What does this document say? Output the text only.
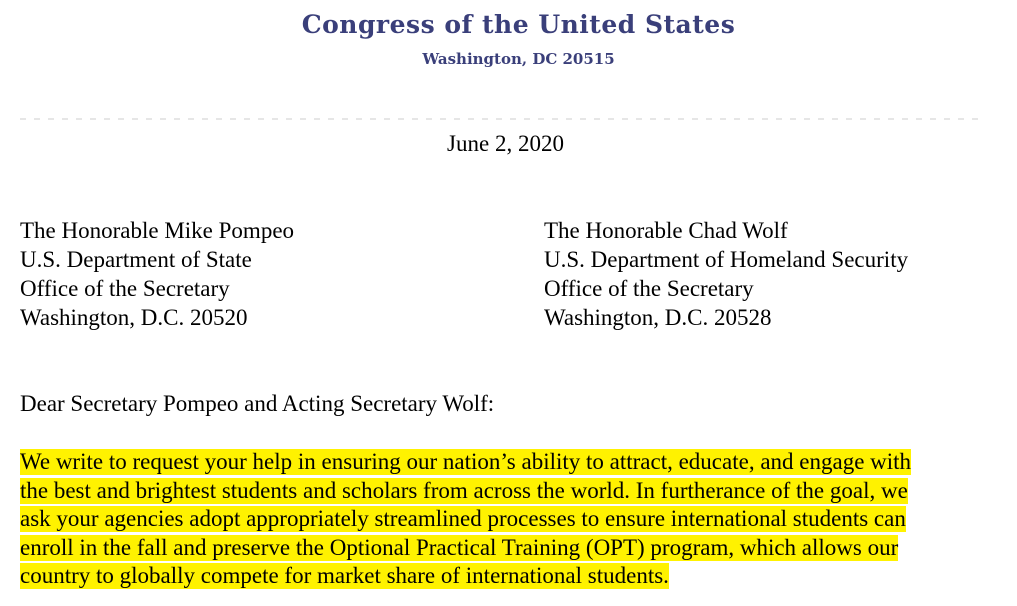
Congress of the United States
Washington, DC 20515
June 2, 2020
The Honorable Mike Pompeo
U.S. Department of State
Office of the Secretary
Washington, D.C. 20520
The Honorable Chad Wolf
U.S. Department of Homeland Security
Office of the Secretary
Washington, D.C. 20528
Dear Secretary Pompeo and Acting Secretary Wolf:
We write to request your help in ensuring our nation’s ability to attract, educate, and engage with
the best and brightest students and scholars from across the world. In furtherance of the goal, we
ask your agencies adopt appropriately streamlined processes to ensure international students can
enroll in the fall and preserve the Optional Practical Training (OPT) program, which allows our
country to globally compete for market share of international students.
